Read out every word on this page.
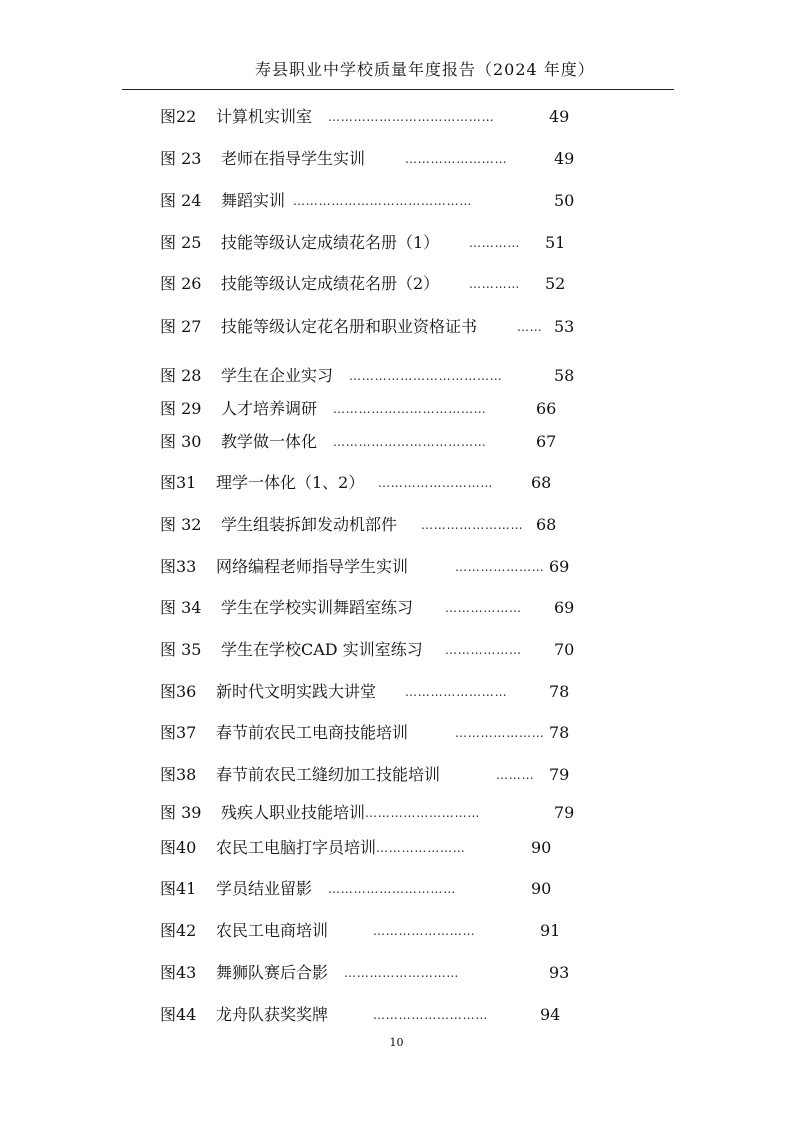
寿县职业中学校质量年度报告（2024 年度）
图22 计算机实训室 …………………………………	49
图 23 老师在指导学生实训	……………………	49
图 24 舞蹈实训 ……………………………………	50
图 25 技能等级认定成绩花名册（1） ………… 51
图 26 技能等级认定成绩花名册（2） ………… 52
图 27 技能等级认定花名册和职业资格证书	…… 53
图 28 学生在企业实习 ………………………………	58
图 29 人才培养调研 ………………………………	66
图 30 教学做一体化 ………………………………	67
图31 理学一体化（1、2） ……………………… 68
图 32 学生组装拆卸发动机部件 …………………… 68
图33 网络编程老师指导学生实训	………………… 69
图 34 学生在学校实训舞蹈室练习	……………… 69
图 35 学生在学校CAD 实训室练习 ……………… 70
图36 新时代文明实践大讲堂 ……………………	78
图37 春节前农民工电商技能培训	………………… 78
图38 春节前农民工缝纫加工技能培训	……… 79
图 39 残疾人职业技能培训 ………………………	79
图40 农民工电脑打字员培训 …………………	90
图41 学员结业留影 …………………………	90
图42 农民工电商培训	……………………	91
图43 舞狮队赛后合影 ………………………	93
图44 龙舟队获奖奖牌	………………………	94
10
